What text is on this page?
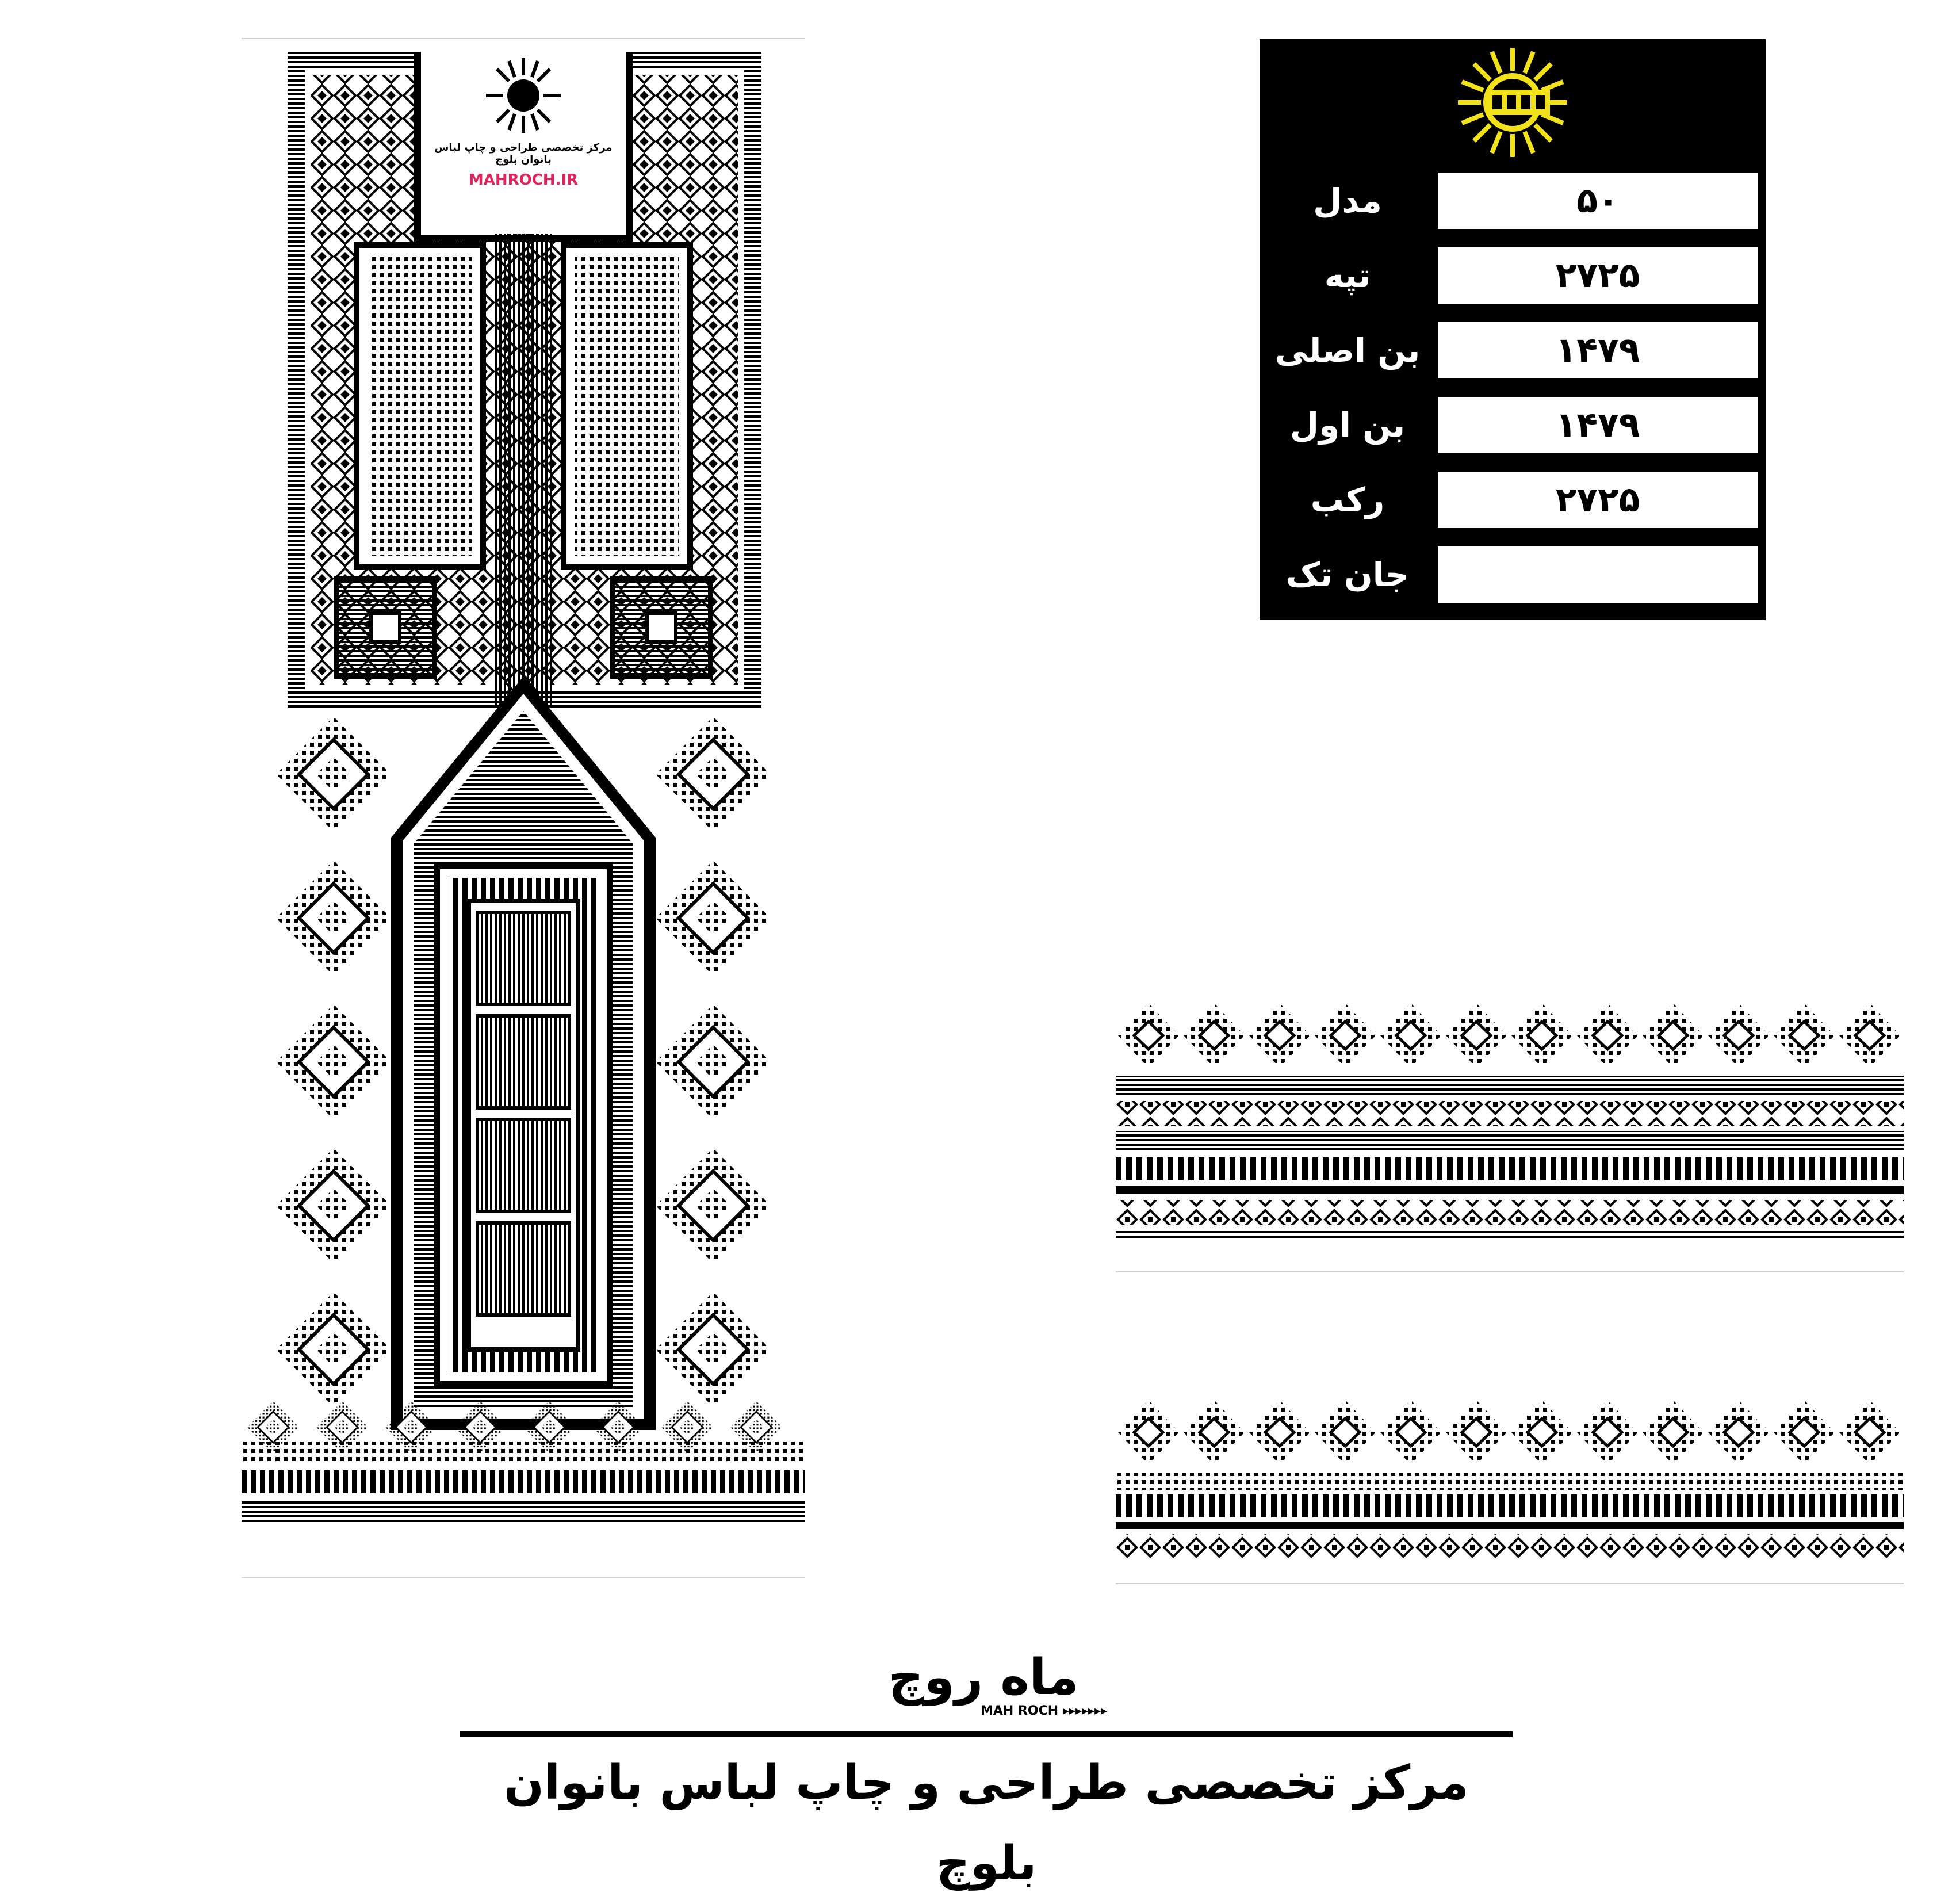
مرکز تخصصی طراحی و چاپ لباس بانوان بلوچ
MAHROCH.IR
مدل	۵۰
تپه	۲۷۲۵
بن اصلی	۱۴۷۹
بن اول	۱۴۷۹
رکب	۲۷۲۵
جان تک
ماه روچ
MAH ROCH ▸▸▸▸▸▸▸
مرکز تخصصی طراحی و چاپ لباس بانوان بلوچ
